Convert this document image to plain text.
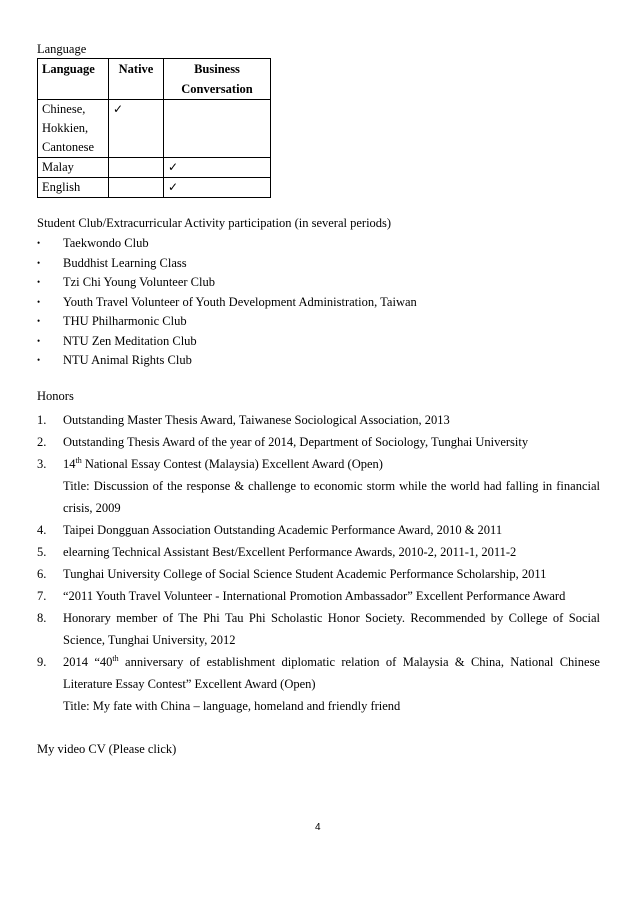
Language
Language	Native	Business
Conversation
Chinese,
Hokkien,
Cantonese	✓	
Malay		✓
English		✓
Student Club/Extracurricular Activity participation (in several periods)
• Taekwondo Club
• Buddhist Learning Class
• Tzi Chi Young Volunteer Club
• Youth Travel Volunteer of Youth Development Administration, Taiwan
• THU Philharmonic Club
• NTU Zen Meditation Club
• NTU Animal Rights Club
Honors
1. Outstanding Master Thesis Award, Taiwanese Sociological Association, 2013
2. Outstanding Thesis Award of the year of 2014, Department of Sociology, Tunghai University
3. 14th National Essay Contest (Malaysia) Excellent Award (Open)
Title: Discussion of the response & challenge to economic storm while the world had falling in financial crisis, 2009
4. Taipei Dongguan Association Outstanding Academic Performance Award, 2010 & 2011
5. elearning Technical Assistant Best/Excellent Performance Awards, 2010-2, 2011-1, 2011-2
6. Tunghai University College of Social Science Student Academic Performance Scholarship, 2011
7. “2011 Youth Travel Volunteer - International Promotion Ambassador” Excellent Performance Award
8. Honorary member of The Phi Tau Phi Scholastic Honor Society. Recommended by College of Social Science, Tunghai University, 2012
9. 2014 “40th anniversary of establishment diplomatic relation of Malaysia & China, National Chinese Literature Essay Contest” Excellent Award (Open)
Title: My fate with China – language, homeland and friendly friend
My video CV (Please click)
4
